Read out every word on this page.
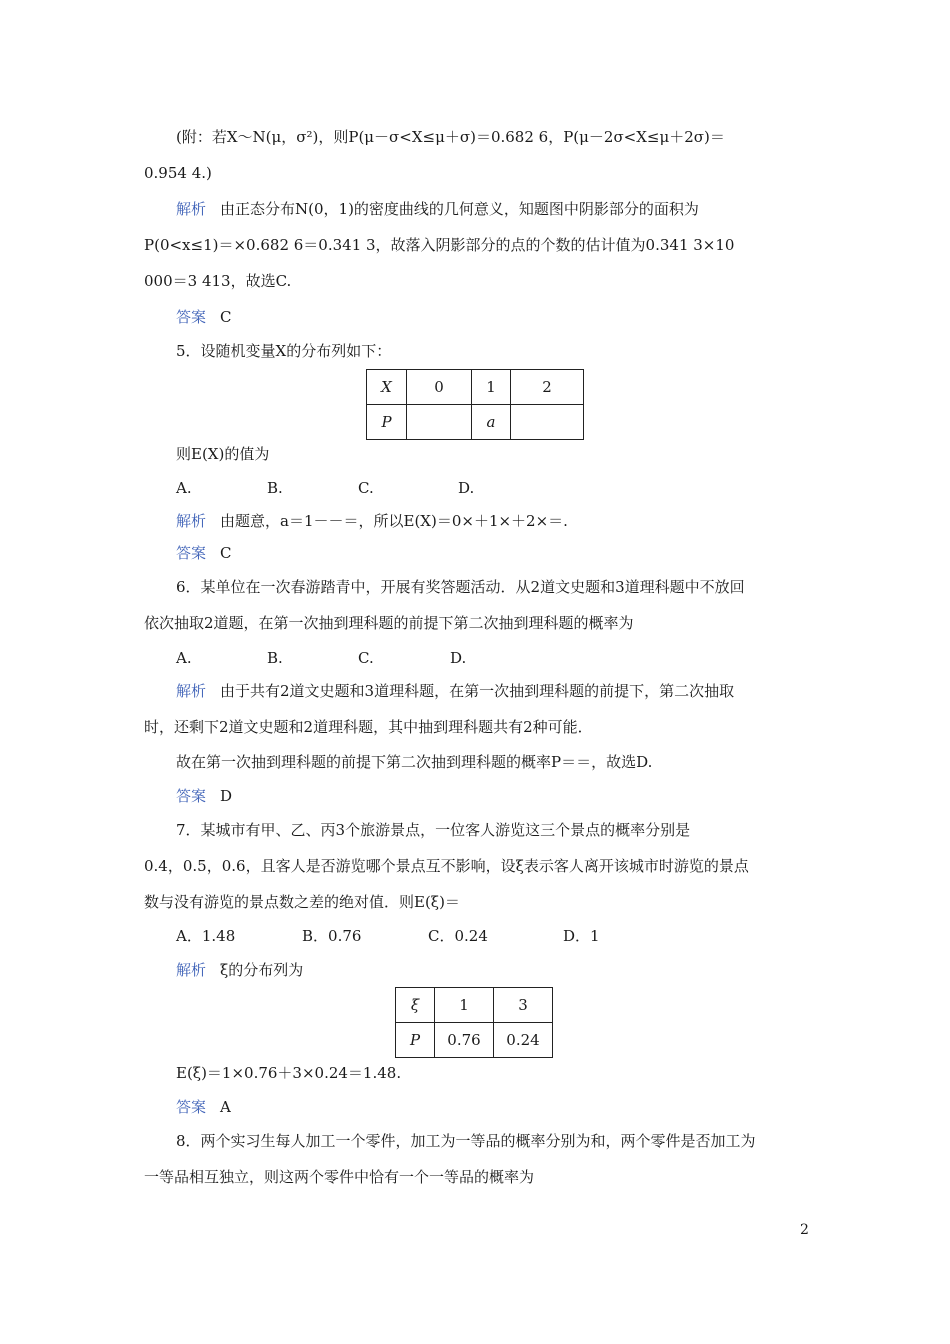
(附：若X～N(μ，σ²)，则P(μ－σ<X≤μ＋σ)＝0.682 6，P(μ－2σ<X≤μ＋2σ)＝
0.954 4.)
解析 由正态分布N(0，1)的密度曲线的几何意义，知题图中阴影部分的面积为
P(0<x≤1)＝×0.682 6＝0.341 3，故落入阴影部分的点的个数的估计值为0.341 3×10
000＝3 413，故选C.
答案 C
5．设随机变量X的分布列如下：
X	0	1	2
P		a	
则E(X)的值为
A.	B.	C.	D.
解析 由题意，a＝1－－＝，所以E(X)＝0×＋1×＋2×＝.
答案 C
6．某单位在一次春游踏青中，开展有奖答题活动．从2道文史题和3道理科题中不放回
依次抽取2道题，在第一次抽到理科题的前提下第二次抽到理科题的概率为
A.	B.	C.	D.
解析 由于共有2道文史题和3道理科题，在第一次抽到理科题的前提下，第二次抽取
时，还剩下2道文史题和2道理科题，其中抽到理科题共有2种可能．
故在第一次抽到理科题的前提下第二次抽到理科题的概率P＝＝，故选D.
答案 D
7．某城市有甲、乙、丙3个旅游景点，一位客人游览这三个景点的概率分别是
0.4，0.5，0.6，且客人是否游览哪个景点互不影响，设ξ表示客人离开该城市时游览的景点
数与没有游览的景点数之差的绝对值．则E(ξ)＝
A．1.48	B．0.76	C．0.24	D．1
解析 ξ的分布列为
ξ	1	3
P	0.76	0.24
E(ξ)＝1×0.76＋3×0.24＝1.48.
答案 A
8．两个实习生每人加工一个零件，加工为一等品的概率分别为和，两个零件是否加工为
一等品相互独立，则这两个零件中恰有一个一等品的概率为
2
